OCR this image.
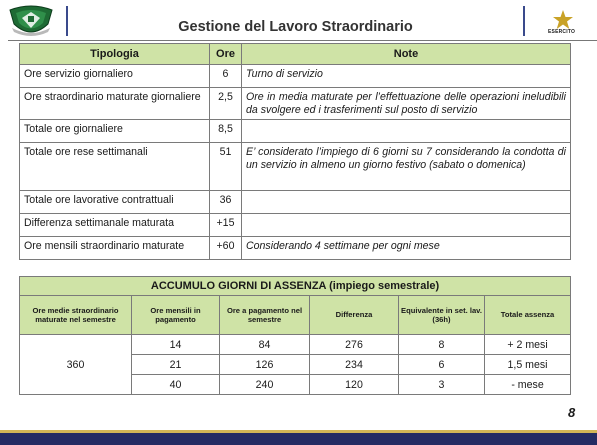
Gestione del Lavoro Straordinario	ESERCITO
Tipologia	Ore	Note
Ore servizio giornaliero	6	Turno di servizio
Ore straordinario maturate giornaliere	2,5	Ore in media maturate per l’effettuazione delle operazioni ineludibili da svolgere ed i trasferimenti sul posto di servizio
Totale ore giornaliere	8,5	
Totale ore rese settimanali	51	E’ considerato l’impiego di 6 giorni su 7 considerando la condotta di un servizio in almeno un giorno festivo (sabato o domenica)
Totale ore lavorative contrattuali	36	
Differenza settimanale maturata	+15	
Ore mensili straordinario maturate	+60	Considerando 4 settimane per ogni mese
ACCUMULO GIORNI DI ASSENZA (impiego semestrale)					
Ore medie straordinario maturate nel semestre	Ore mensili in pagamento	Ore a pagamento nel semestre	Differenza	Equivalente in set. lav. (36h)	Totale assenza
360	14	84	276	8	+ 2 mesi
	21	126	234	6	1,5 mesi
	40	240	120	3	- mese
8
